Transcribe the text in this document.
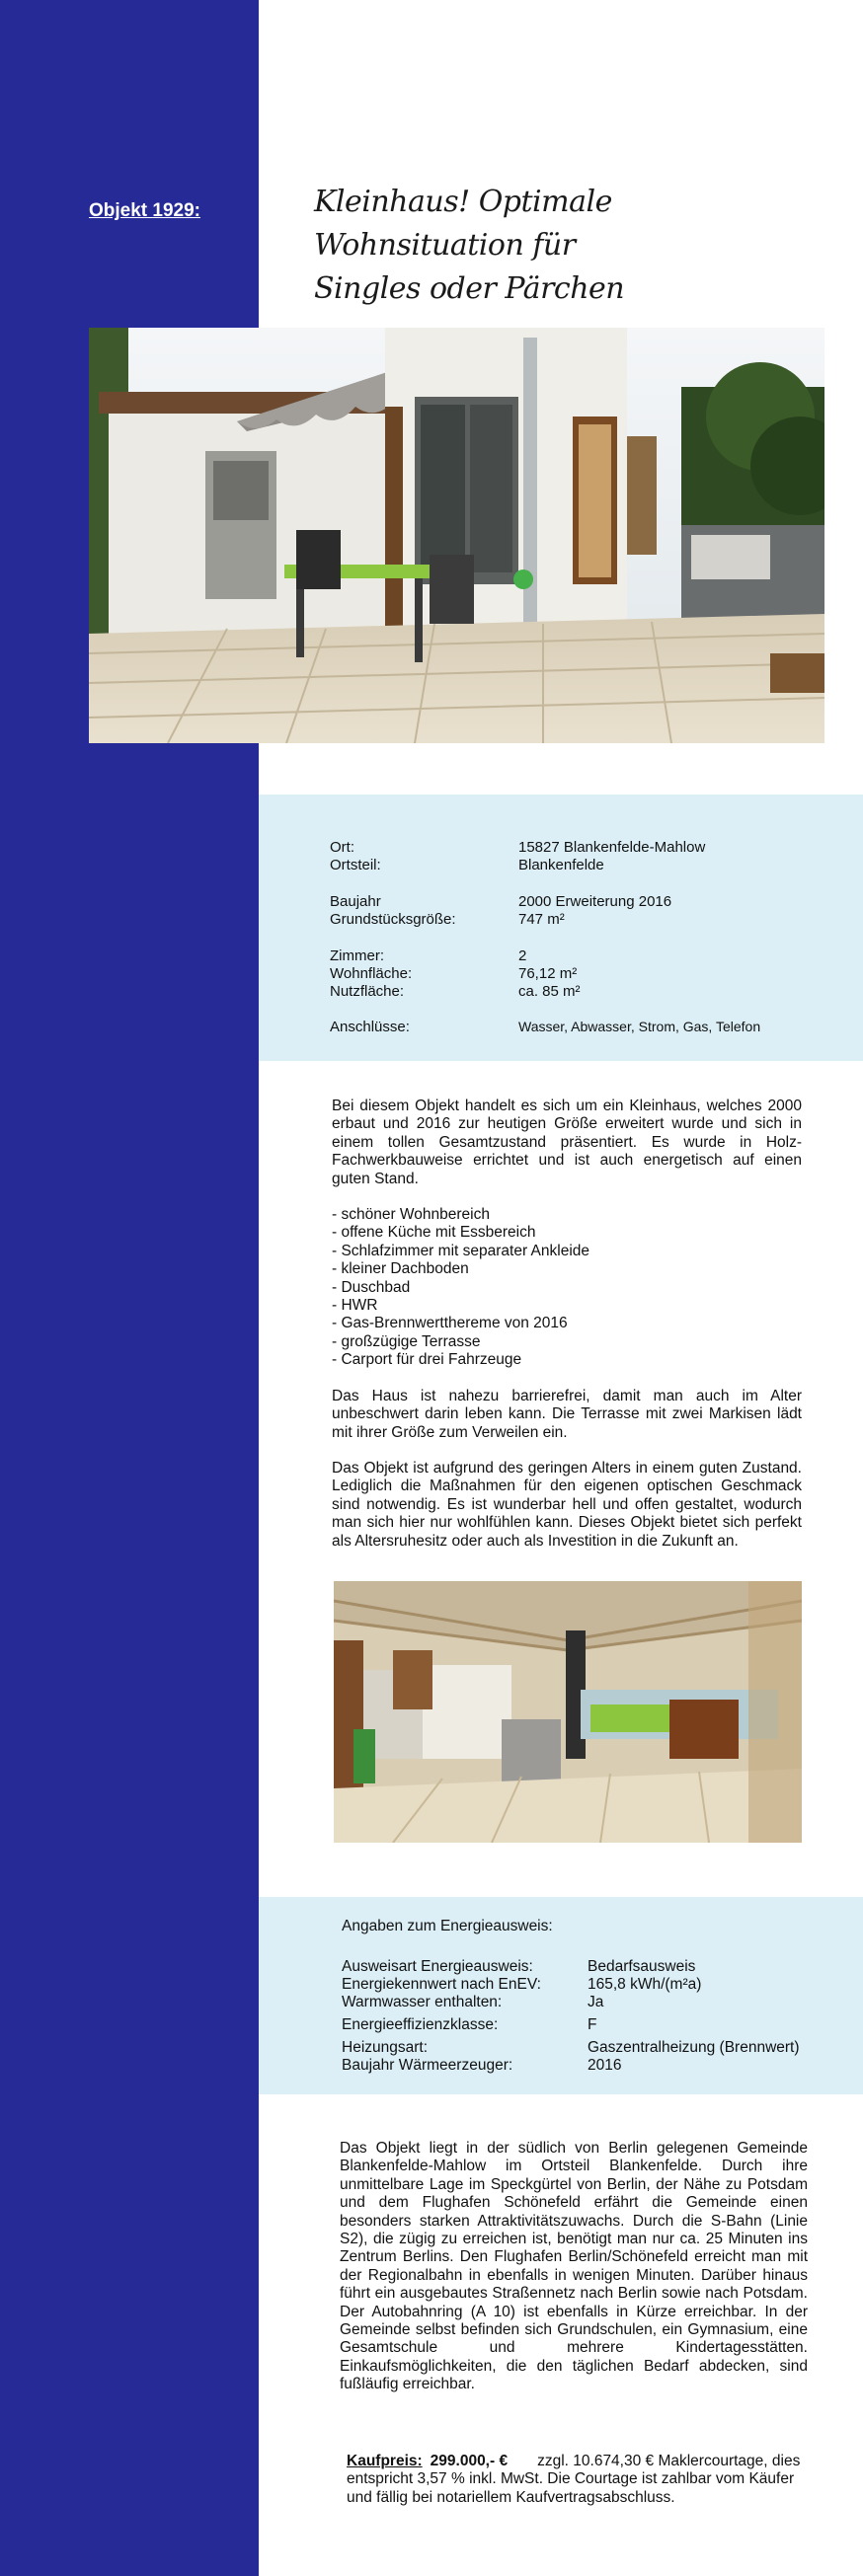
Objekt 1929:	Kleinhaus! Optimale Wohnsituation für
Singles oder Pärchen
Ort:	15827 Blankenfelde-Mahlow
Ortsteil:	Blankenfelde
Baujahr	2000 Erweiterung 2016
Grundstücksgröße:	747 m²
Zimmer:	2
Wohnfläche:	76,12 m²
Nutzfläche:	ca. 85 m²
Anschlüsse:	Wasser, Abwasser, Strom, Gas, Telefon

Bei diesem Objekt handelt es sich um ein Kleinhaus, welches 2000 erbaut und 2016 zur heutigen Größe erweitert wurde und sich in einem tollen Gesamtzustand präsentiert. Es wurde in Holz-Fachwerkbauweise errichtet und ist auch energetisch auf einen guten Stand.

- schöner Wohnbereich
- offene Küche mit Essbereich
- Schlafzimmer mit separater Ankleide
- kleiner Dachboden
- Duschbad
- HWR
- Gas-Brennwertthereme von 2016
- großzügige Terrasse
- Carport für drei Fahrzeuge

Das Haus ist nahezu barrierefrei, damit man auch im Alter unbeschwert darin leben kann. Die Terrasse mit zwei Markisen lädt mit ihrer Größe zum Verweilen ein.

Das Objekt ist aufgrund des geringen Alters in einem guten Zustand. Lediglich die Maßnahmen für den eigenen optischen Geschmack sind notwendig. Es ist wunderbar hell und offen gestaltet, wodurch man sich hier nur wohlfühlen kann. Dieses Objekt bietet sich perfekt als Altersruhesitz oder auch als Investition in die Zukunft an.

Angaben zum Energieausweis:
Ausweisart Energieausweis:	Bedarfsausweis
Energiekennwert nach EnEV:	165,8 kWh/(m²a)
Warmwasser enthalten:	Ja
Energieeffizienzklasse:	F
Heizungsart:	Gaszentralheizung (Brennwert)
Baujahr Wärmeerzeuger:	2016
Das Objekt liegt in der südlich von Berlin gelegenen Gemeinde Blankenfelde-Mahlow im Ortsteil Blankenfelde. Durch ihre unmittelbare Lage im Speckgürtel von Berlin, der Nähe zu Potsdam und dem Flughafen Schönefeld erfährt die Gemeinde einen besonders starken Attraktivitätszuwachs. Durch die S-Bahn (Linie S2), die zügig zu erreichen ist, benötigt man nur ca. 25 Minuten ins Zentrum Berlins. Den Flughafen Berlin/Schönefeld erreicht man mit der Regionalbahn in ebenfalls in wenigen Minuten. Darüber hinaus führt ein ausgebautes Straßennetz nach Berlin sowie nach Potsdam. Der Autobahnring (A 10) ist ebenfalls in Kürze erreichbar. In der Gemeinde selbst befinden sich Grundschulen, ein Gymnasium, eine Gesamtschule und mehrere Kindertagesstätten. Einkaufsmöglichkeiten, die den täglichen Bedarf abdecken, sind fußläufig erreichbar.
Kaufpreis: 299.000,- € zzgl. 10.674,30 € Maklercourtage, dies entspricht 3,57 % inkl. MwSt. Die Courtage ist zahlbar vom Käufer und fällig bei notariellem Kaufvertragsabschluss.
